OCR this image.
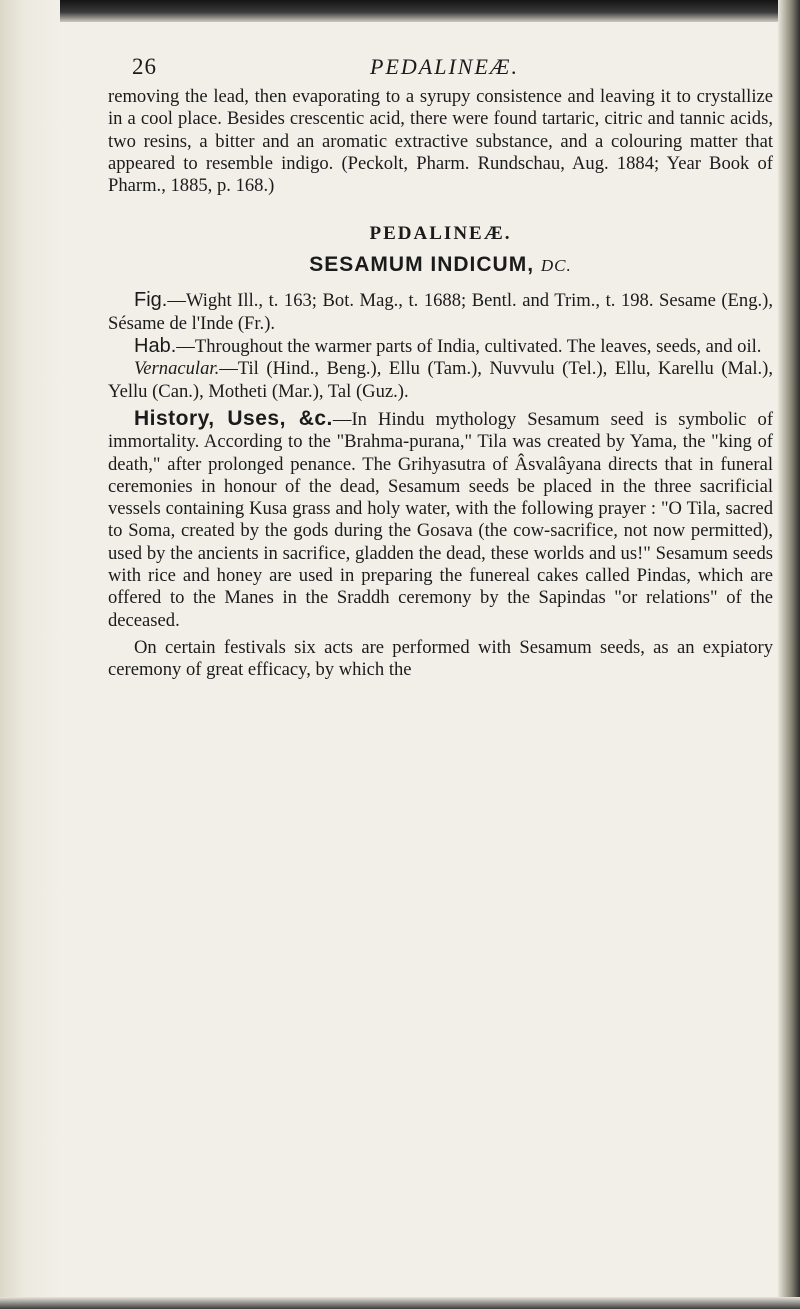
26	PEDALINEÆ.

removing the lead, then evaporating to a syrupy consistence and leaving it to crystallize in a cool place. Besides crescentic acid, there were found tartaric, citric and tannic acids, two resins, a bitter and an aromatic extractive substance, and a colouring matter that appeared to resemble indigo. (Peckolt, Pharm. Rundschau, Aug. 1884; Year Book of Pharm., 1885, p. 168.)

PEDALINEÆ.
SESAMUM INDICUM, DC.

Fig.—Wight Ill., t. 163; Bot. Mag., t. 1688; Bentl. and Trim., t. 198. Sesame (Eng.), Sésame de l'Inde (Fr.).

Hab.—Throughout the warmer parts of India, cultivated. The leaves, seeds, and oil.

Vernacular.—Til (Hind., Beng.), Ellu (Tam.), Nuvvulu (Tel.), Ellu, Karellu (Mal.), Yellu (Can.), Motheti (Mar.), Tal (Guz.).

History, Uses, &c.—In Hindu mythology Sesamum seed is symbolic of immortality. According to the "Brahma-purana," Tila was created by Yama, the "king of death," after prolonged penance. The Grihyasutra of Âsvalâyana directs that in funeral ceremonies in honour of the dead, Sesamum seeds be placed in the three sacrificial vessels containing Kusa grass and holy water, with the following prayer : "O Tila, sacred to Soma, created by the gods during the Gosava (the cow-sacrifice, not now permitted), used by the ancients in sacrifice, gladden the dead, these worlds and us!" Sesamum seeds with rice and honey are used in preparing the funereal cakes called Pindas, which are offered to the Manes in the Sraddh ceremony by the Sapindas "or relations" of the deceased.

On certain festivals six acts are performed with Sesamum seeds, as an expiatory ceremony of great efficacy, by which the
